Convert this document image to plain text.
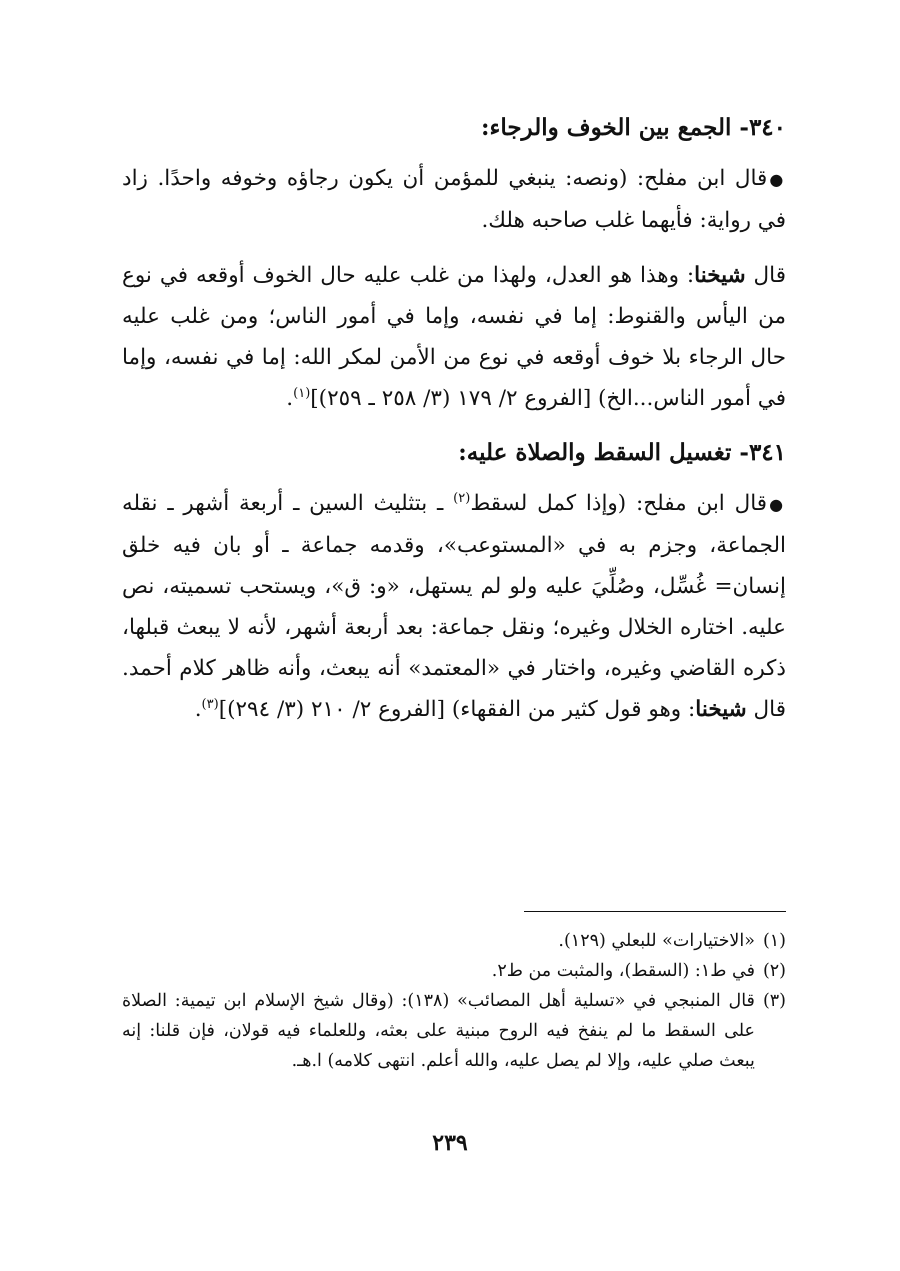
٣٤٠- الجمع بين الخوف والرجاء:

●قال ابن مفلح: (ونصه: ينبغي للمؤمن أن يكون رجاؤه وخوفه واحدًا. زاد في رواية: فأيهما غلب صاحبه هلك.

قال شيخنا: وهذا هو العدل، ولهذا من غلب عليه حال الخوف أوقعه في نوع من اليأس والقنوط: إما في نفسه، وإما في أمور الناس؛ ومن غلب عليه حال الرجاء بلا خوف أوقعه في نوع من الأمن لمكر الله: إما في نفسه، وإما في أمور الناس...الخ) [الفروع ٢/ ١٧٩ (٣/ ٢٥٨ ـ ٢٥٩)]$^{(١)}$.

٣٤١- تغسيل السقط والصلاة عليه:

●قال ابن مفلح: (وإذا كمل لسقط$^{(٢)}$ ـ بتثليث السين ـ أربعة أشهر ـ نقله الجماعة، وجزم به في «المستوعب»، وقدمه جماعة ـ أو بان فيه خلق إنسان= غُسِّل، وصُلِّيَ عليه ولو لم يستهل، «و: ق»، ويستحب تسميته، نص عليه. اختاره الخلال وغيره؛ ونقل جماعة: بعد أربعة أشهر، لأنه لا يبعث قبلها، ذكره القاضي وغيره، واختار في «المعتمد» أنه يبعث، وأنه ظاهر كلام أحمد. قال شيخنا: وهو قول كثير من الفقهاء) [الفروع ٢/ ٢١٠ (٣/ ٢٩٤)]$^{(٣)}$.

(١)
«الاختيارات» للبعلي (١٢٩).
(٢)
في ط١: (السقط)، والمثبت من ط٢.
(٣)
قال المنبجي في «تسلية أهل المصائب» (١٣٨): (وقال شيخ الإسلام ابن تيمية: الصلاة على السقط ما لم ينفخ فيه الروح مبنية على بعثه، وللعلماء فيه قولان، فإن قلنا: إنه يبعث صلي عليه، وإلا لم يصل عليه، والله أعلم. انتهى كلامه) ا.هـ.
٢٣٩
